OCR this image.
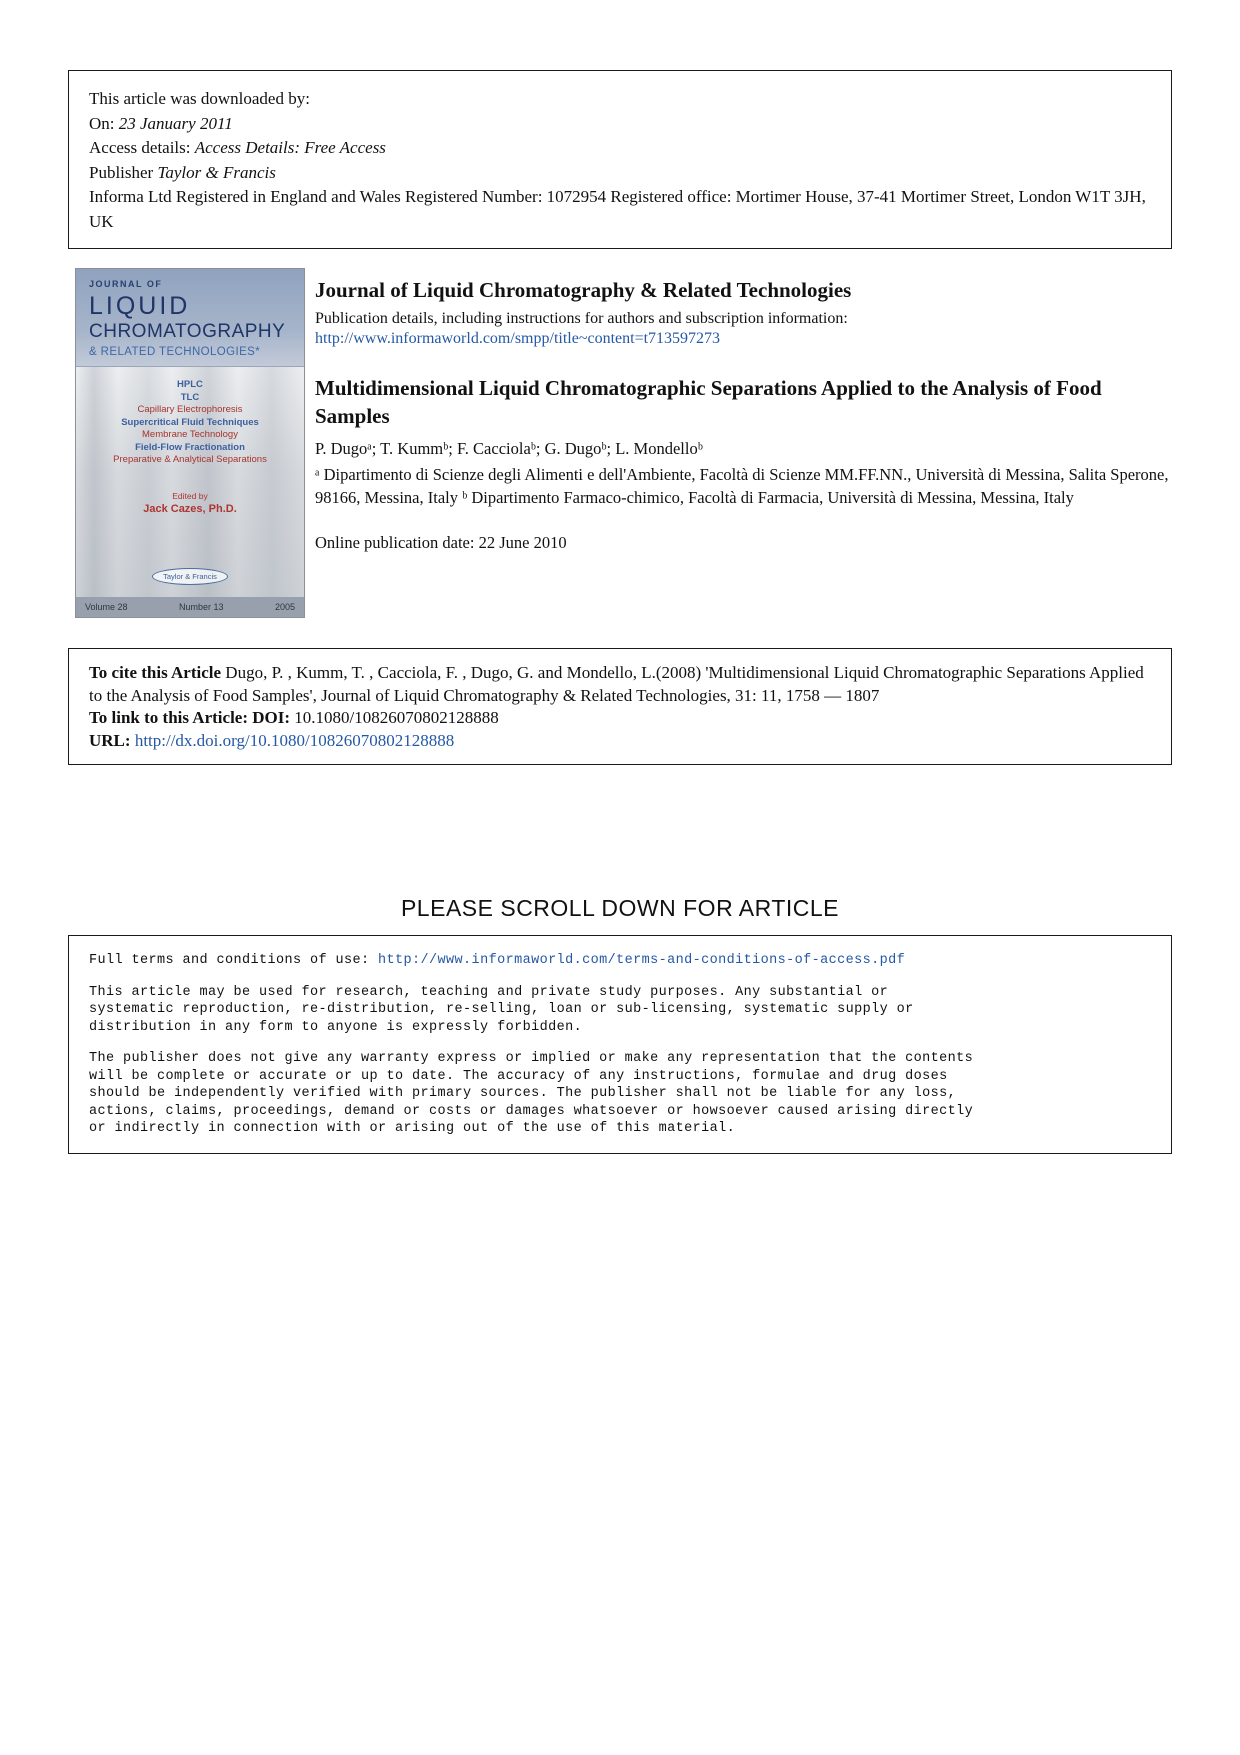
This article was downloaded by:
On: 23 January 2011
Access details: Access Details: Free Access
Publisher Taylor & Francis
Informa Ltd Registered in England and Wales Registered Number: 1072954 Registered office: Mortimer House, 37-41 Mortimer Street, London W1T 3JH, UK
JOURNAL OF
LIQUID
CHROMATOGRAPHY
& RELATED TECHNOLOGIES*
HPLC
TLC
Capillary Electrophoresis
Supercritical Fluid Techniques
Membrane Technology
Field-Flow Fractionation
Preparative & Analytical Separations
Edited by
Jack Cazes, Ph.D.
Taylor & Francis
Volume 28	Number 13	2005
Journal of Liquid Chromatography & Related Technologies
Publication details, including instructions for authors and subscription information:
http://www.informaworld.com/smpp/title~content=t713597273
Multidimensional Liquid Chromatographic Separations Applied to the Analysis of Food Samples
P. Dugoᵃ; T. Kummᵇ; F. Cacciolaᵇ; G. Dugoᵇ; L. Mondelloᵇ
ᵃ Dipartimento di Scienze degli Alimenti e dell'Ambiente, Facoltà di Scienze MM.FF.NN., Università di Messina, Salita Sperone, 98166, Messina, Italy ᵇ Dipartimento Farmaco-chimico, Facoltà di Farmacia, Università di Messina, Messina, Italy
Online publication date: 22 June 2010

To cite this Article Dugo, P. , Kumm, T. , Cacciola, F. , Dugo, G. and Mondello, L.(2008) 'Multidimensional Liquid Chromatographic Separations Applied to the Analysis of Food Samples', Journal of Liquid Chromatography & Related Technologies, 31: 11, 1758 — 1807

To link to this Article: DOI: 10.1080/10826070802128888

URL: http://dx.doi.org/10.1080/10826070802128888

PLEASE SCROLL DOWN FOR ARTICLE
Full terms and conditions of use: http://www.informaworld.com/terms-and-conditions-of-access.pdf
This article may be used for research, teaching and private study purposes. Any substantial or
systematic reproduction, re-distribution, re-selling, loan or sub-licensing, systematic supply or
distribution in any form to anyone is expressly forbidden.
The publisher does not give any warranty express or implied or make any representation that the contents
will be complete or accurate or up to date. The accuracy of any instructions, formulae and drug doses
should be independently verified with primary sources. The publisher shall not be liable for any loss,
actions, claims, proceedings, demand or costs or damages whatsoever or howsoever caused arising directly
or indirectly in connection with or arising out of the use of this material.
